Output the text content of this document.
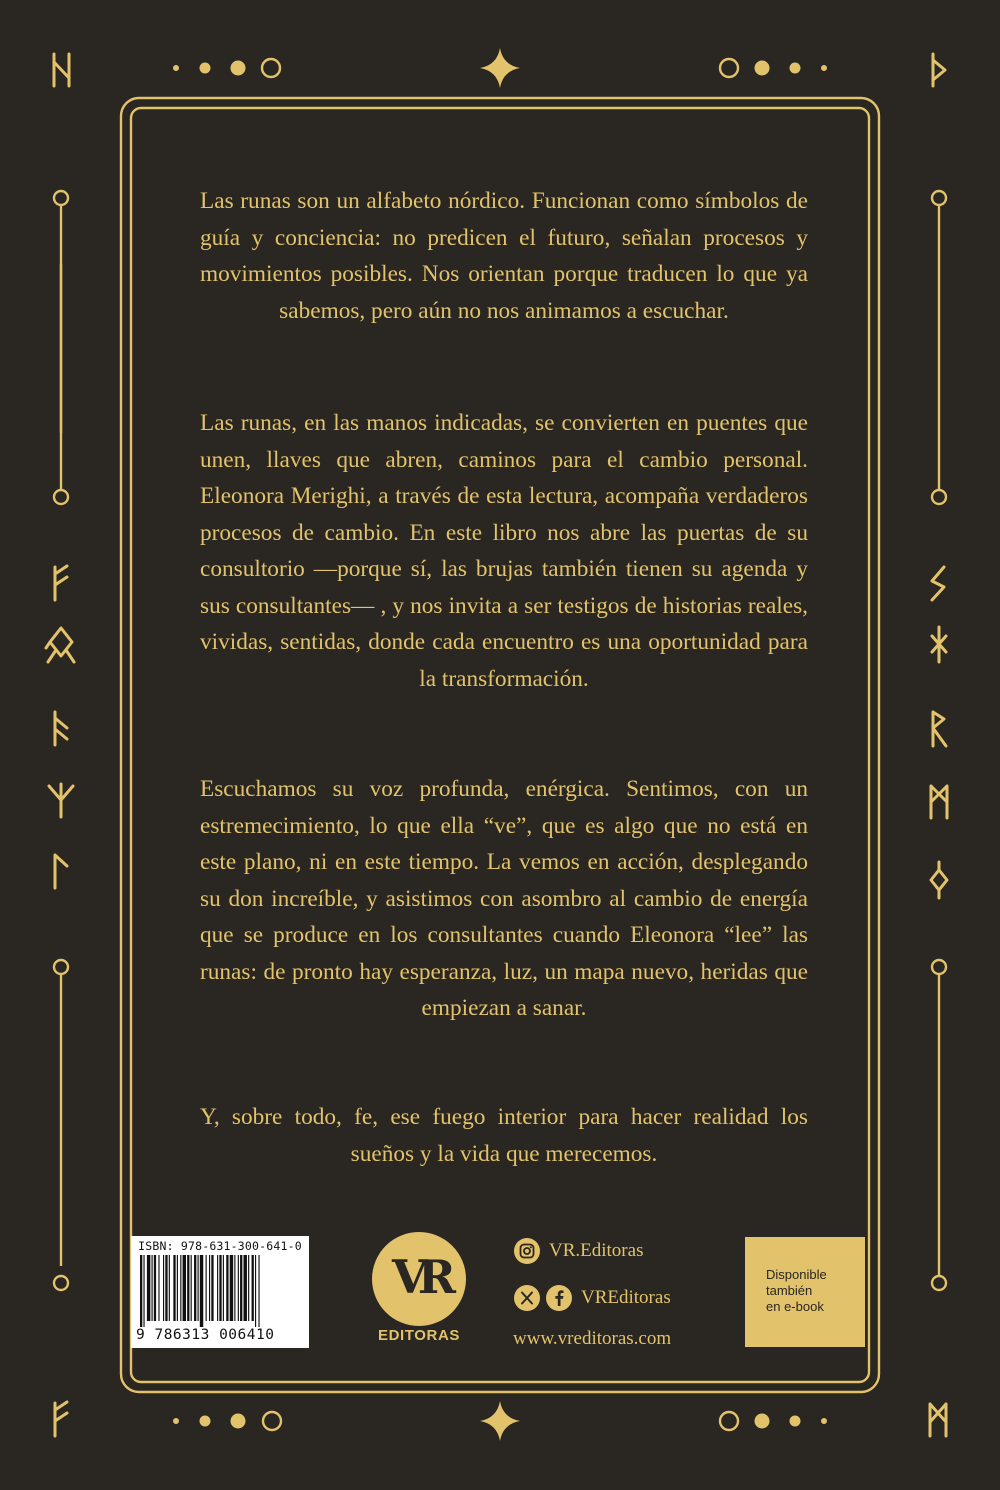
Las runas son un alfabeto nórdico. Funcionan como símbolos de guía y conciencia: no predicen el futuro, señalan procesos y movimientos posibles. Nos orientan porque traducen lo que ya sabemos, pero aún no nos animamos a escuchar.

Las runas, en las manos indicadas, se convierten en puentes que unen, llaves que abren, caminos para el cambio personal. Eleonora Merighi, a través de esta lectura, acompaña verdaderos procesos de cambio. En este libro nos abre las puertas de su consultorio —porque sí, las brujas también tienen su agenda y sus consultantes— , y nos invita a ser testigos de historias reales, vividas, sentidas, donde cada encuentro es una oportunidad para la transformación.

Escuchamos su voz profunda, enérgica. Sentimos, con un estremecimiento, lo que ella “ve”, que es algo que no está en este plano, ni en este tiempo. La vemos en acción, desplegando su don increíble, y asistimos con asombro al cambio de energía que se produce en los consultantes cuando Eleonora “lee” las runas: de pronto hay esperanza, luz, un mapa nuevo, heridas que empiezan a sanar.

Y, sobre todo, fe, ese fuego interior para hacer realidad los sueños y la vida que merecemos.

ISBN: 978-631-300-641-0
9 786313 006410
VR
EDITORAS
VR.Editoras
VREditoras
www.vreditoras.com
Disponible
también
en e-book
